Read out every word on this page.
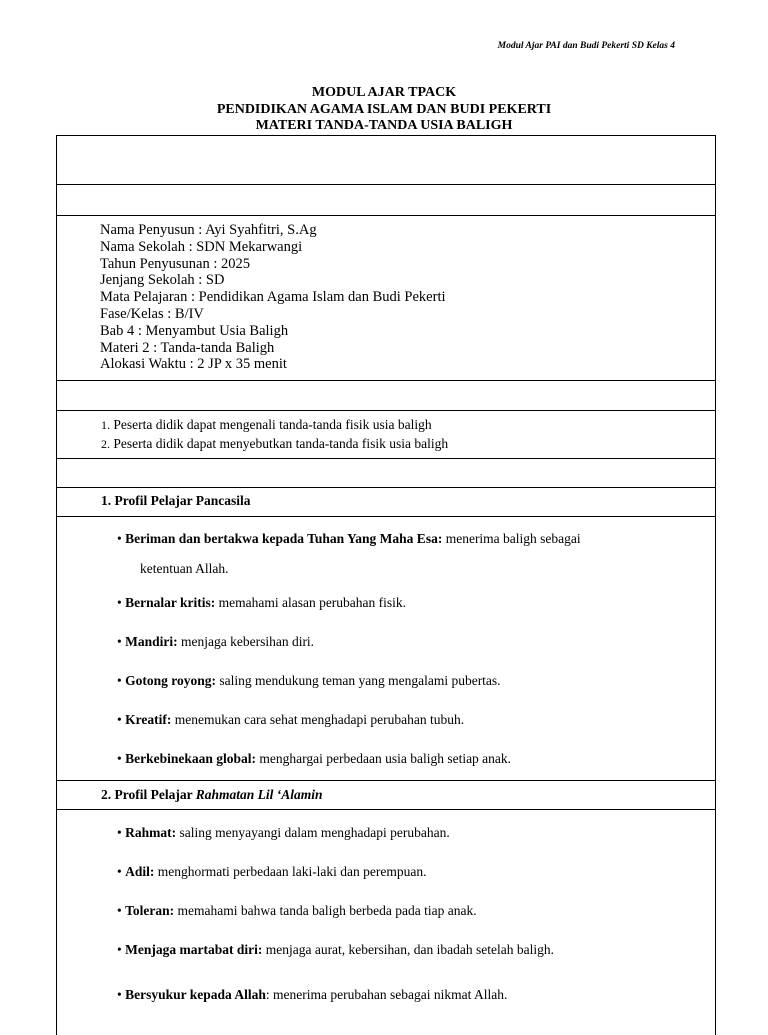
Modul Ajar PAI dan Budi Pekerti SD Kelas 4
MODUL AJAR TPACK
PENDIDIKAN AGAMA ISLAM DAN BUDI PEKERTI
MATERI TANDA-TANDA USIA BALIGH
Nama Penyusun : Ayi Syahfitri, S.Ag
Nama Sekolah : SDN Mekarwangi
Tahun Penyusunan : 2025
Jenjang Sekolah : SD
Mata Pelajaran : Pendidikan Agama Islam dan Budi Pekerti
Fase/Kelas : B/IV
Bab 4 : Menyambut Usia Baligh
Materi 2 : Tanda-tanda Baligh
Alokasi Waktu : 2 JP x 35 menit
1. Peserta didik dapat mengenali tanda-tanda fisik usia baligh
2. Peserta didik dapat menyebutkan tanda-tanda fisik usia baligh
1. Profil Pelajar Pancasila
• Beriman dan bertakwa kepada Tuhan Yang Maha Esa: menerima baligh sebagai
ketentuan Allah.
• Bernalar kritis: memahami alasan perubahan fisik.
• Mandiri: menjaga kebersihan diri.
• Gotong royong: saling mendukung teman yang mengalami pubertas.
• Kreatif: menemukan cara sehat menghadapi perubahan tubuh.
• Berkebinekaan global: menghargai perbedaan usia baligh setiap anak.
2. Profil Pelajar Rahmatan Lil ‘Alamin
• Rahmat: saling menyayangi dalam menghadapi perubahan.
• Adil: menghormati perbedaan laki-laki dan perempuan.
• Toleran: memahami bahwa tanda baligh berbeda pada tiap anak.
• Menjaga martabat diri: menjaga aurat, kebersihan, dan ibadah setelah baligh.
• Bersyukur kepada Allah: menerima perubahan sebagai nikmat Allah.
